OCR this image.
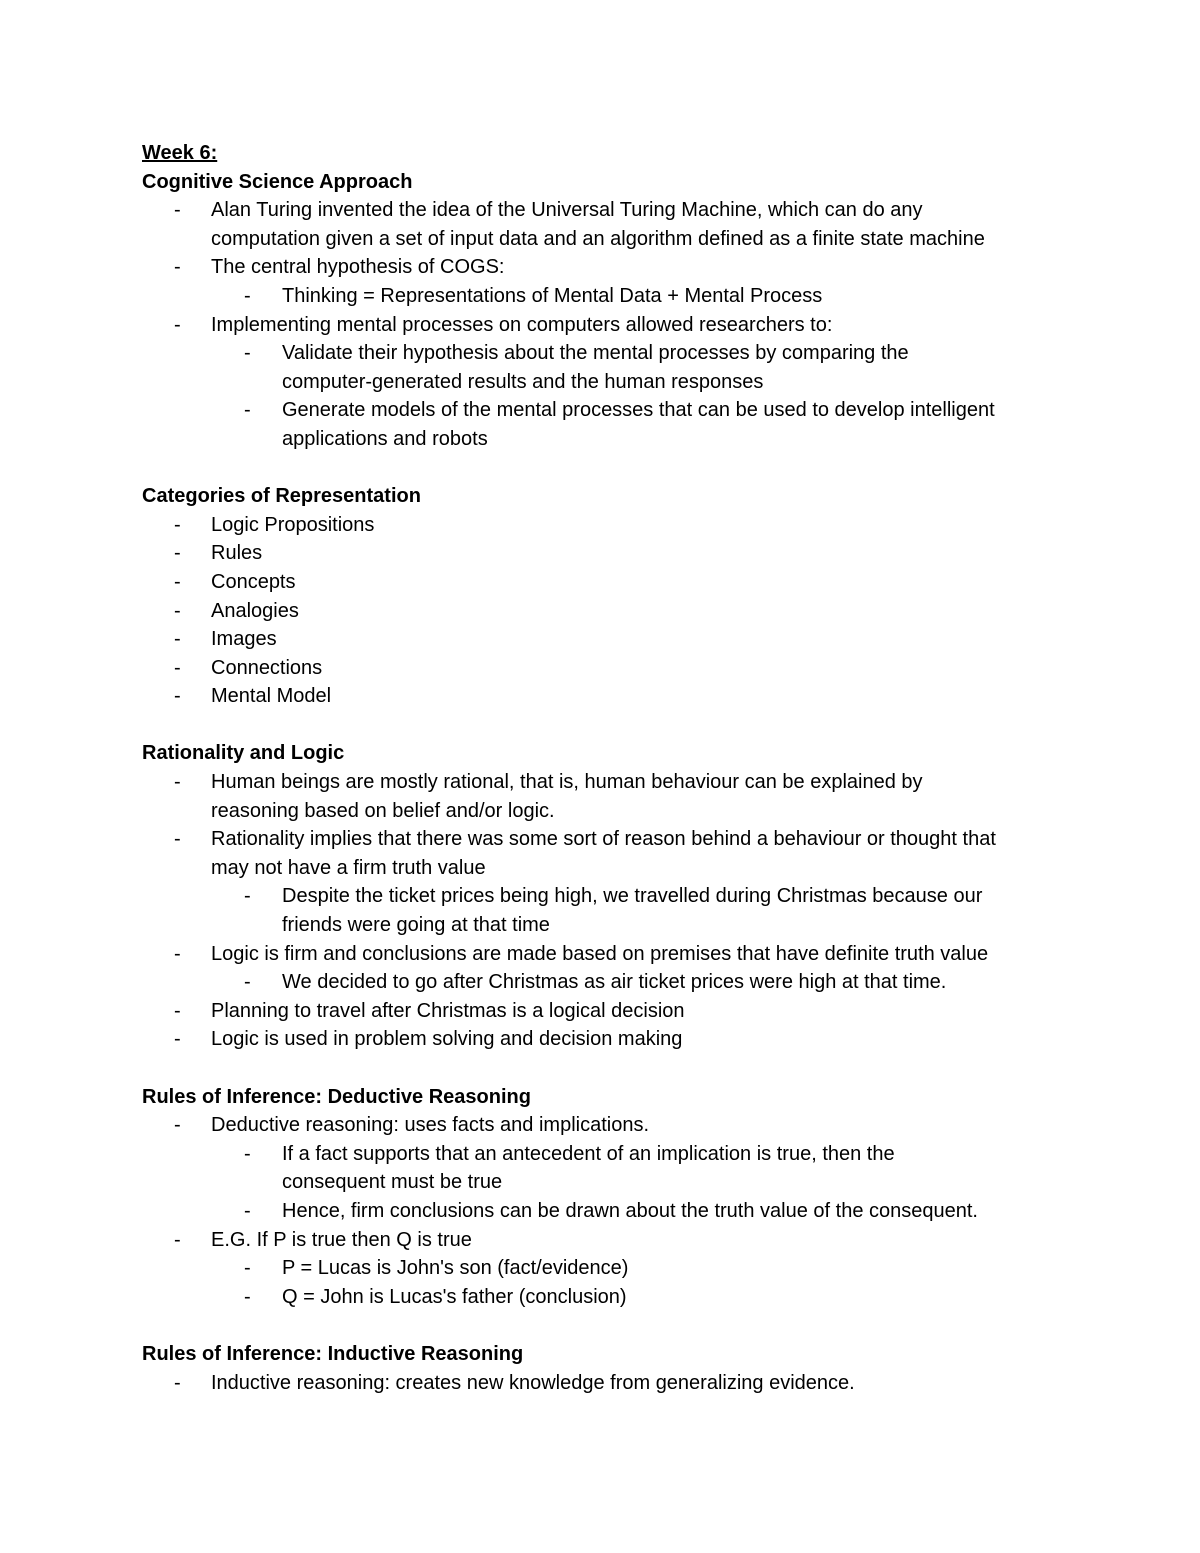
Week 6:

Cognitive Science Approach

- Alan Turing invented the idea of the Universal Turing Machine, which can do any
computation given a set of input data and an algorithm defined as a finite state machine
- The central hypothesis of COGS:
- Thinking = Representations of Mental Data + Mental Process
- Implementing mental processes on computers allowed researchers to:
- Validate their hypothesis about the mental processes by comparing the
computer-generated results and the human responses
- Generate models of the mental processes that can be used to develop intelligent
applications and robots

Categories of Representation

- Logic Propositions
- Rules
- Concepts
- Analogies
- Images
- Connections
- Mental Model

Rationality and Logic

- Human beings are mostly rational, that is, human behaviour can be explained by
reasoning based on belief and/or logic.
- Rationality implies that there was some sort of reason behind a behaviour or thought that
may not have a firm truth value
- Despite the ticket prices being high, we travelled during Christmas because our
friends were going at that time
- Logic is firm and conclusions are made based on premises that have definite truth value
- We decided to go after Christmas as air ticket prices were high at that time.
- Planning to travel after Christmas is a logical decision
- Logic is used in problem solving and decision making

Rules of Inference: Deductive Reasoning

- Deductive reasoning: uses facts and implications.
- If a fact supports that an antecedent of an implication is true, then the
consequent must be true
- Hence, firm conclusions can be drawn about the truth value of the consequent.
- E.G. If P is true then Q is true
- P = Lucas is John's son (fact/evidence)
- Q = John is Lucas's father (conclusion)

Rules of Inference: Inductive Reasoning

- Inductive reasoning: creates new knowledge from generalizing evidence.
